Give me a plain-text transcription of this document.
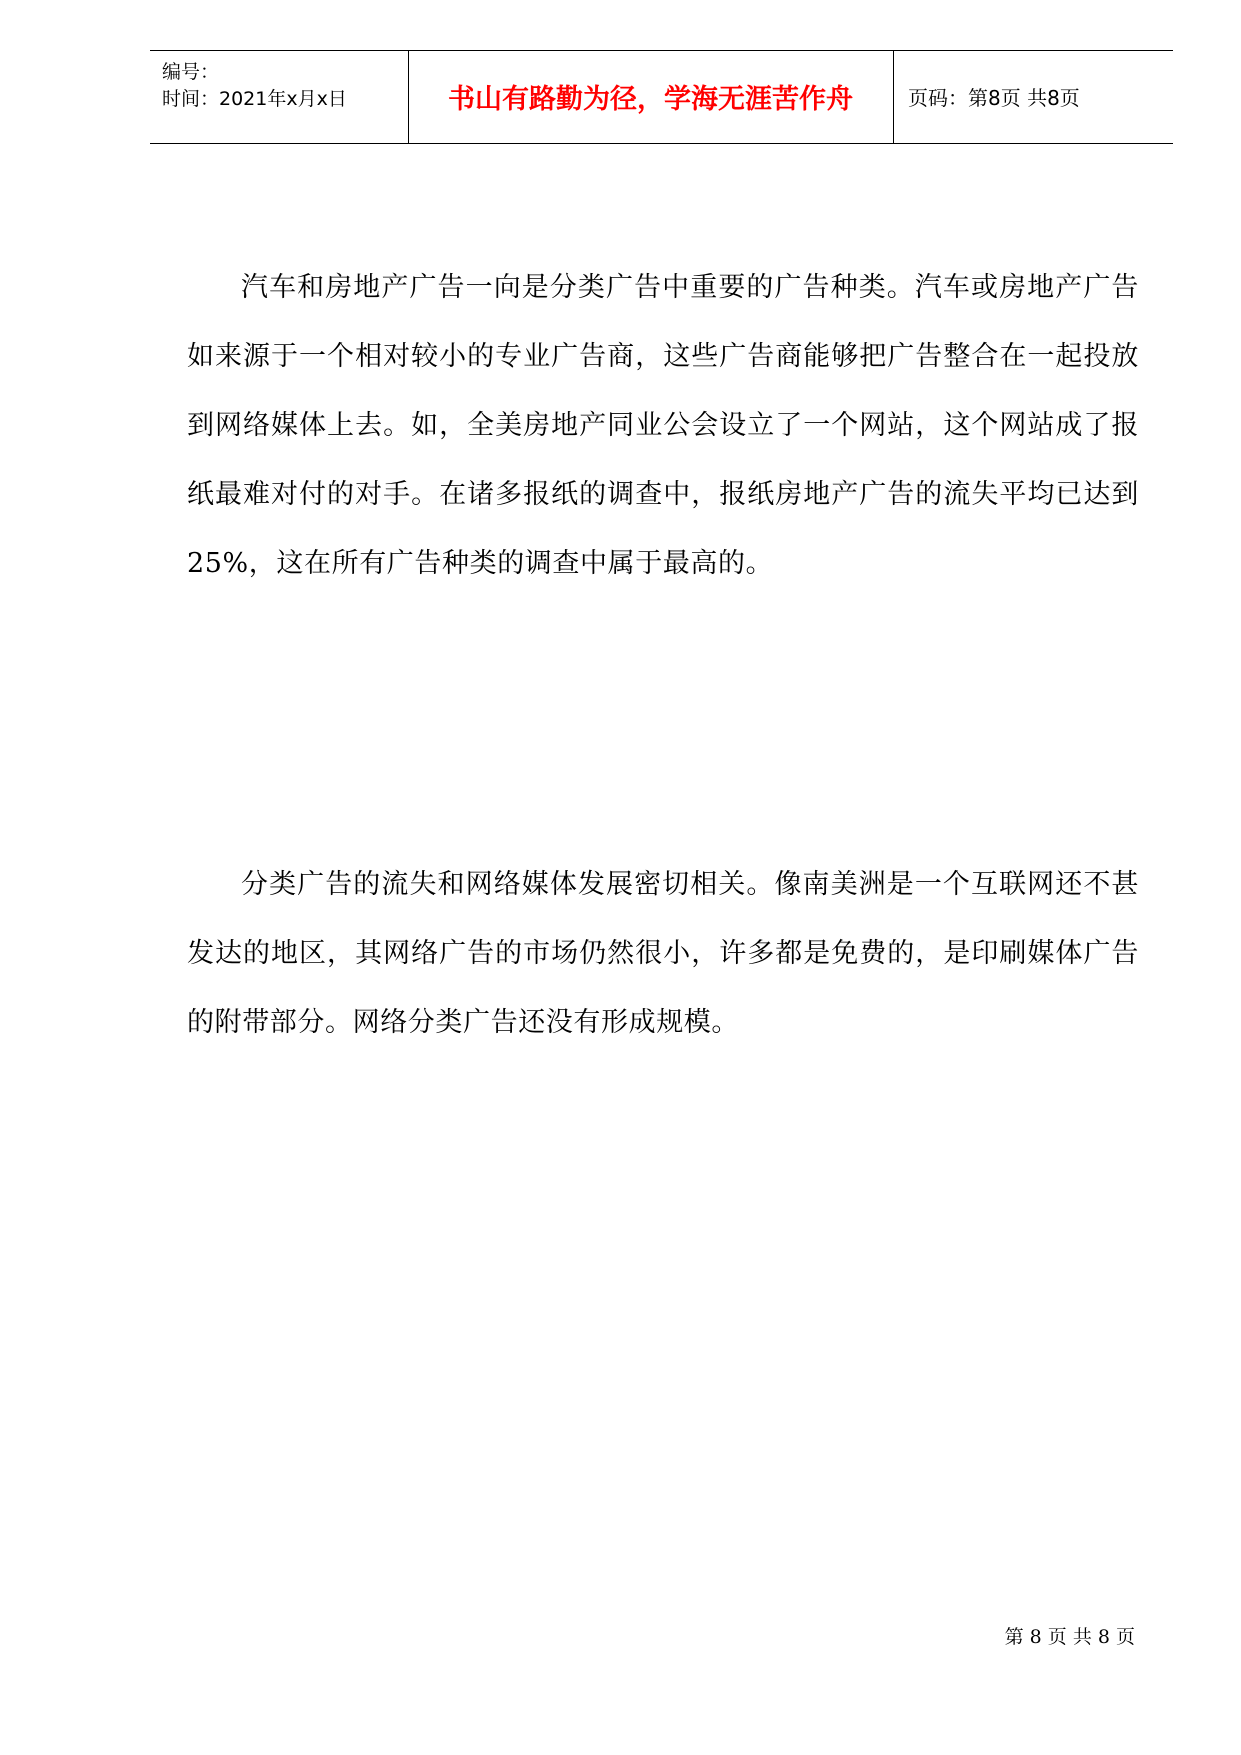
编号：
时间：2021年x月x日	书山有路勤为径，学海无涯苦作舟	页码：第8页 共8页

汽车和房地产广告一向是分类广告中重要的广告种类。汽车或房地产广告如来源于一个相对较小的专业广告商，这些广告商能够把广告整合在一起投放到网络媒体上去。如，全美房地产同业公会设立了一个网站，这个网站成了报纸最难对付的对手。在诸多报纸的调查中，报纸房地产广告的流失平均已达到25%，这在所有广告种类的调查中属于最高的。

分类广告的流失和网络媒体发展密切相关。像南美洲是一个互联网还不甚发达的地区，其网络广告的市场仍然很小，许多都是免费的，是印刷媒体广告的附带部分。网络分类广告还没有形成规模。

第 8 页 共 8 页
